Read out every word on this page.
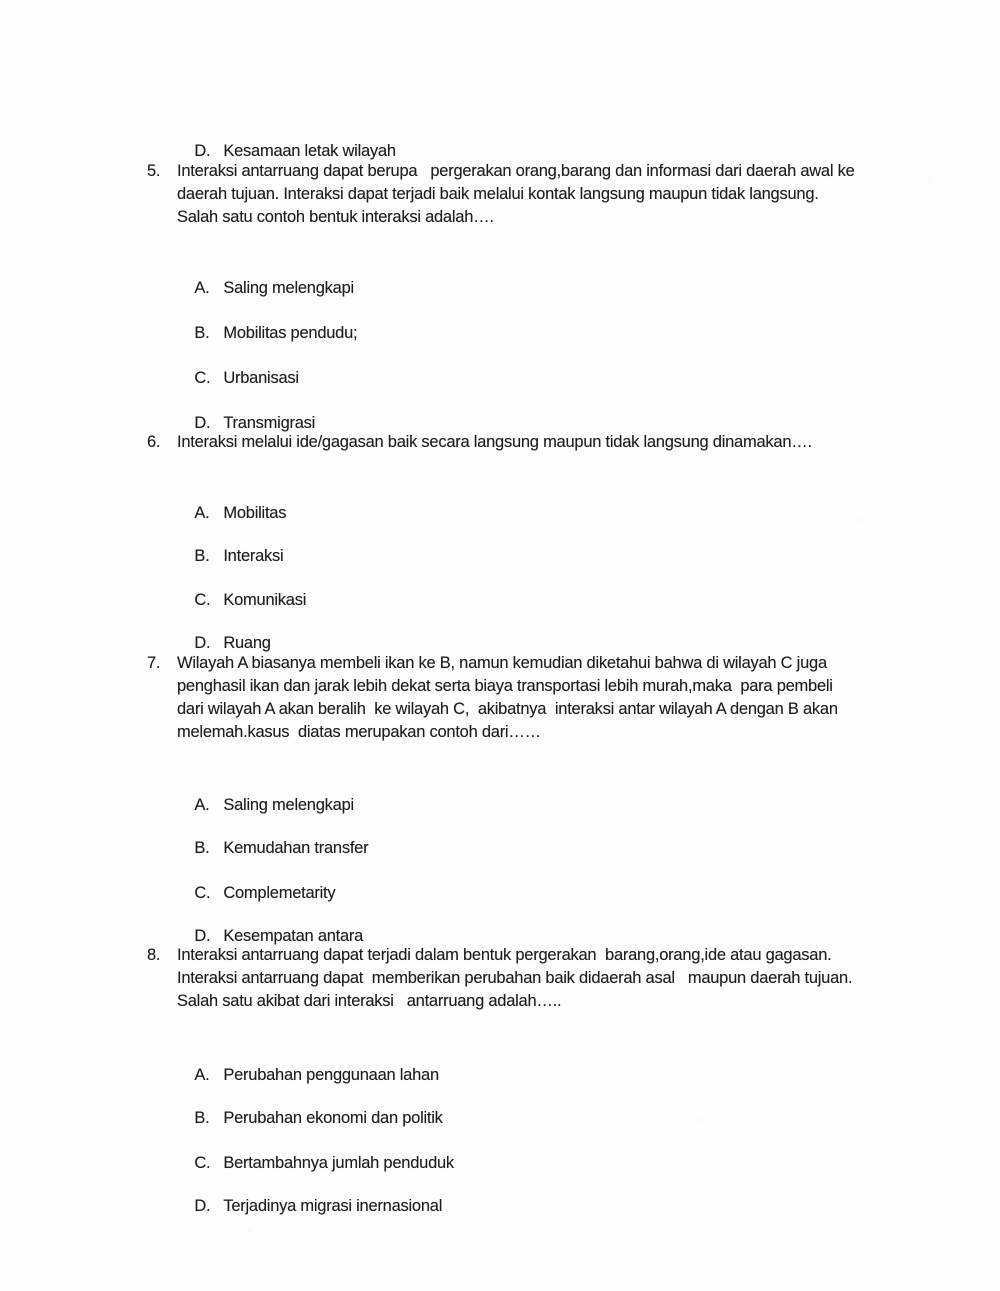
D. Kesamaan letak wilayah

5. Interaksi antarruang dapat berupa   pergerakan orang,barang dan informasi dari daerah awal ke
daerah tujuan. Interaksi dapat terjadi baik melalui kontak langsung maupun tidak langsung.
Salah satu contoh bentuk interaksi adalah….

A. Saling melengkapi

B. Mobilitas pendudu;

C. Urbanisasi

D. Transmigrasi

6. Interaksi melalui ide/gagasan baik secara langsung maupun tidak langsung dinamakan….

A. Mobilitas

B. Interaksi

C. Komunikasi

D. Ruang

7. Wilayah A biasanya membeli ikan ke B, namun kemudian diketahui bahwa di wilayah C juga
penghasil ikan dan jarak lebih dekat serta biaya transportasi lebih murah,maka  para pembeli
dari wilayah A akan beralih  ke wilayah C,  akibatnya  interaksi antar wilayah A dengan B akan
melemah.kasus  diatas merupakan contoh dari……

A. Saling melengkapi

B. Kemudahan transfer

C. Complemetarity

D. Kesempatan antara

8. Interaksi antarruang dapat terjadi dalam bentuk pergerakan  barang,orang,ide atau gagasan.
Interaksi antarruang dapat  memberikan perubahan baik didaerah asal   maupun daerah tujuan.
Salah satu akibat dari interaksi   antarruang adalah…..

A. Perubahan penggunaan lahan

B. Perubahan ekonomi dan politik

C. Bertambahnya jumlah penduduk

D. Terjadinya migrasi inernasional
